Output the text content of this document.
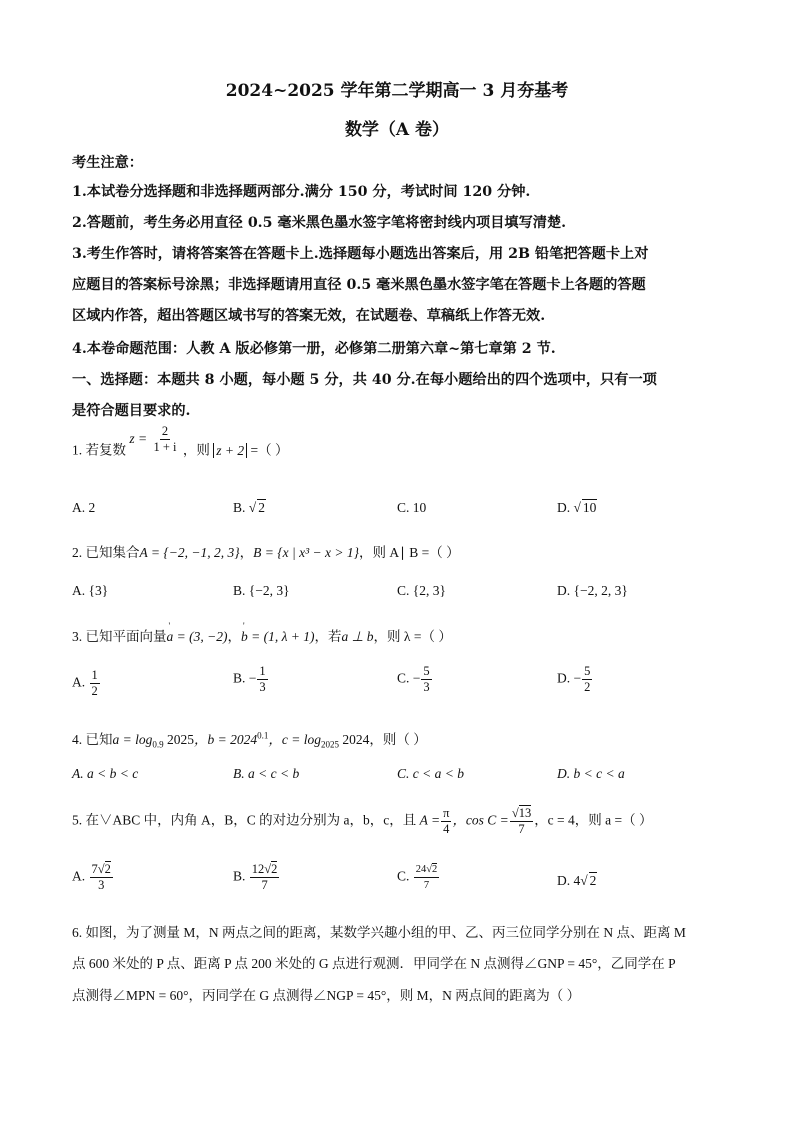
2024~2025 学年第二学期高一 3 月夯基考
数学（A 卷）
考生注意：
1.本试卷分选择题和非选择题两部分.满分 150 分，考试时间 120 分钟.
2.答题前，考生务必用直径 0.5 毫米黑色墨水签字笔将密封线内项目填写清楚.
3.考生作答时，请将答案答在答题卡上.选择题每小题选出答案后，用 2B 铅笔把答题卡上对
应题目的答案标号涂黑；非选择题请用直径 0.5 毫米黑色墨水签字笔在答题卡上各题的答题
区域内作答，超出答题区域书写的答案无效，在试题卷、草稿纸上作答无效.
4.本卷命题范围：人教 A 版必修第一册，必修第二册第六章~第七章第 2 节.
一、选择题：本题共 8 小题，每小题 5 分，共 40 分.在每小题给出的四个选项中，只有一项
是符合题目要求的.
1. 若复数 $z = \frac{2}{1 + i}$ ，则 z + 2 =（ ）
A. 2	B. √ 2	C. 10	D. √ 10
2. 已知集合A = {−2, −1, 2, 3}，B = {x | x³ − x > 1}，则 A∣ B =（ ）
A. {3}	B. {−2, 3}	C. {2, 3}	D. {−2, 2, 3}
3. 已知平面向量' a = (3, −2)，' b = (1, λ + 1)，若a ⊥ b，则 λ =（ ）
A. $\frac{1}{2}$	B. − $\frac{1}{3}$	C. − $\frac{5}{3}$	D. − $\frac{5}{2}$
4. 已知$a = \log_{0.9} 2025$，$b = 2024^{0.1}$，$c = \log_{2025} 2024$，则（ ）
A. a < b < c	B. a < c < b	C. c < a < b	D. b < c < a
5. 在∨ABC 中，内角 A，B，C 的对边分别为 a，b，c，且 $A = \frac{\pi}{4}$ ，$\cos C = \frac{√13}{7}$ ，c = 4，则 a =（ ）
A. $\frac{7√2}{3}$	B. $\frac{12√2}{7}$	C. $\frac{24√2}{7}$	D. 4√ 2
6. 如图，为了测量 M，N 两点之间的距离，某数学兴趣小组的甲、乙、丙三位同学分别在 N 点、距离 M
点 600 米处的 P 点、距离 P 点 200 米处的 G 点进行观测．甲同学在 N 点测得∠GNP = 45°，乙同学在 P
点测得∠MPN = 60°，丙同学在 G 点测得∠NGP = 45°，则 M，N 两点间的距离为（ ）
